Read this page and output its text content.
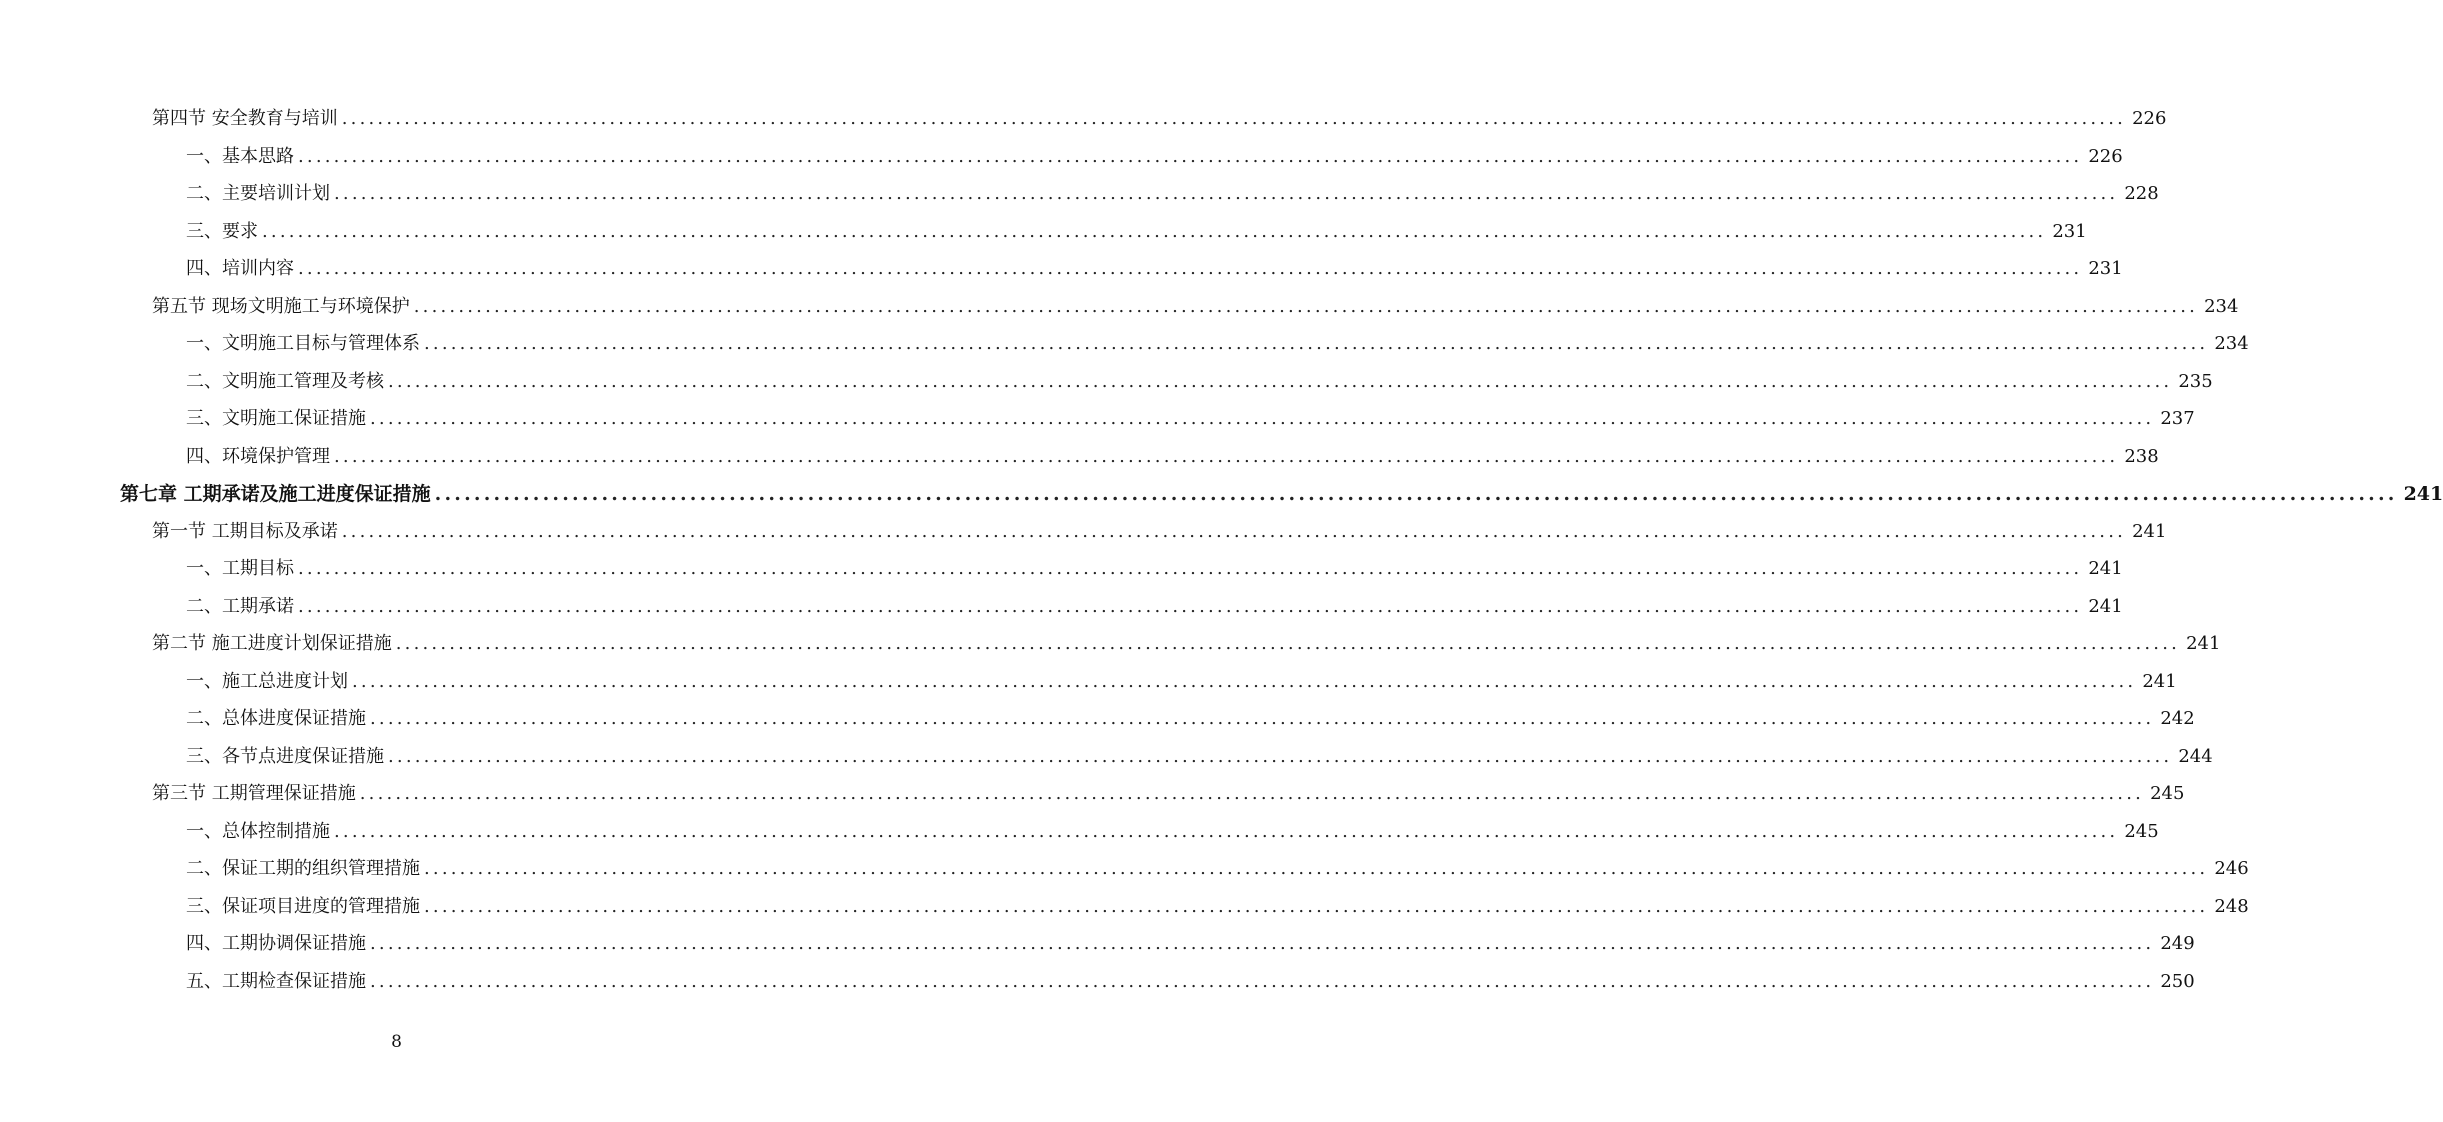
第四节 安全教育与培训 ........................................................................................................................................................................................................ 226
一、基本思路 ........................................................................................................................................................................................................ 226
二、主要培训计划 ........................................................................................................................................................................................................ 228
三、要求 ........................................................................................................................................................................................................ 231
四、培训内容 ........................................................................................................................................................................................................ 231
第五节 现场文明施工与环境保护 ........................................................................................................................................................................................................ 234
一、文明施工目标与管理体系 ........................................................................................................................................................................................................ 234
二、文明施工管理及考核 ........................................................................................................................................................................................................ 235
三、文明施工保证措施 ........................................................................................................................................................................................................ 237
四、环境保护管理 ........................................................................................................................................................................................................ 238
第七章 工期承诺及施工进度保证措施 ........................................................................................................................................................................................................ 241
第一节 工期目标及承诺 ........................................................................................................................................................................................................ 241
一、工期目标 ........................................................................................................................................................................................................ 241
二、工期承诺 ........................................................................................................................................................................................................ 241
第二节 施工进度计划保证措施 ........................................................................................................................................................................................................ 241
一、施工总进度计划 ........................................................................................................................................................................................................ 241
二、总体进度保证措施 ........................................................................................................................................................................................................ 242
三、各节点进度保证措施 ........................................................................................................................................................................................................ 244
第三节 工期管理保证措施 ........................................................................................................................................................................................................ 245
一、总体控制措施 ........................................................................................................................................................................................................ 245
二、保证工期的组织管理措施 ........................................................................................................................................................................................................ 246
三、保证项目进度的管理措施 ........................................................................................................................................................................................................ 248
四、工期协调保证措施 ........................................................................................................................................................................................................ 249
五、工期检查保证措施 ........................................................................................................................................................................................................ 250
8
